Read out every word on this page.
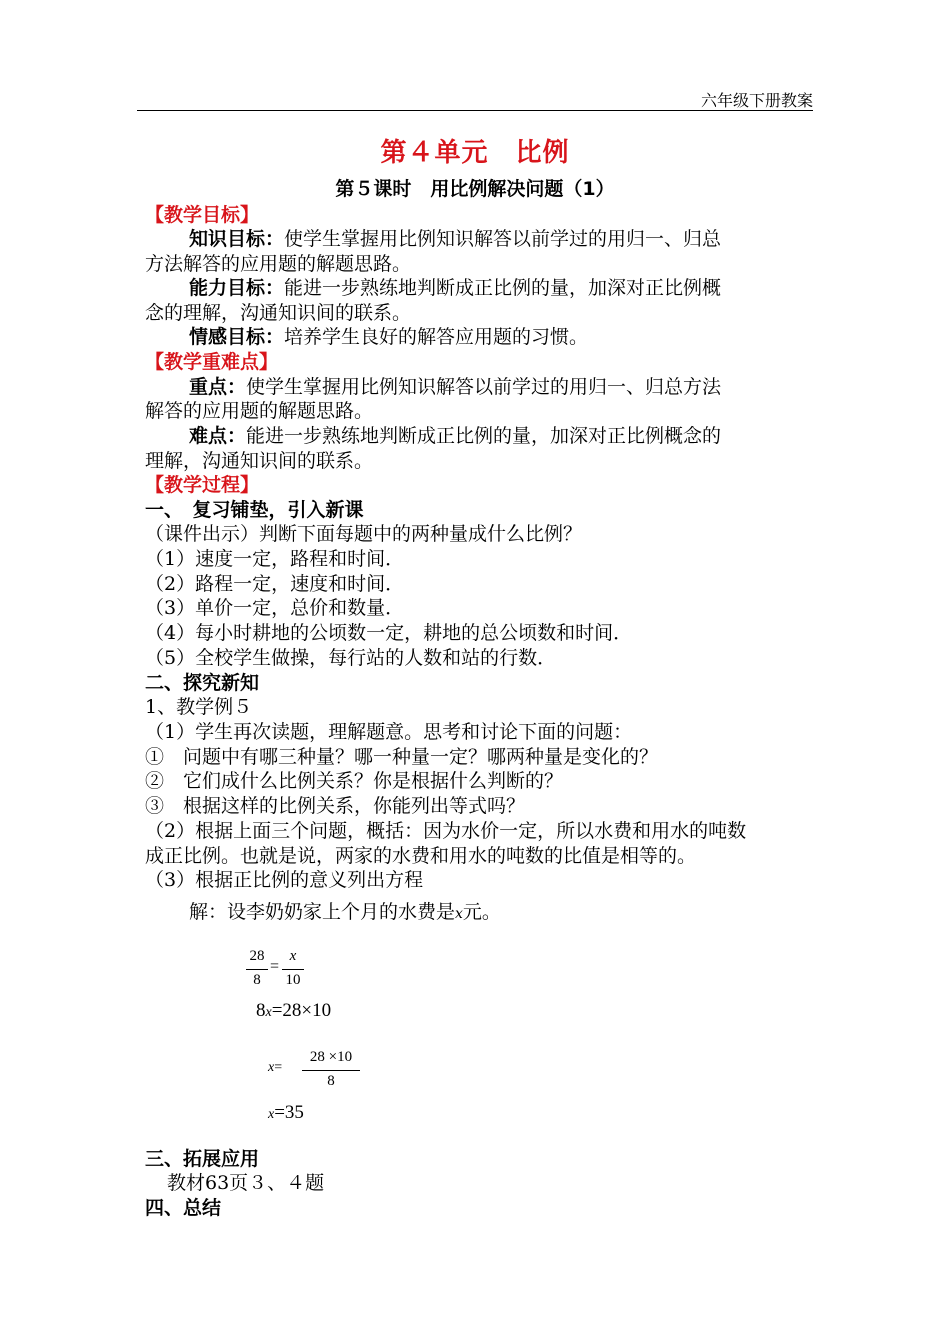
六年级下册教案
第４单元　比例
第５课时　用比例解决问题（1）
【教学目标】
知识目标：使学生掌握用比例知识解答以前学过的用归一、归总
方法解答的应用题的解题思路。
能力目标：能进一步熟练地判断成正比例的量，加深对正比例概
念的理解，沟通知识间的联系。
情感目标：培养学生良好的解答应用题的习惯。
【教学重难点】
重点：使学生掌握用比例知识解答以前学过的用归一、归总方法
解答的应用题的解题思路。
难点：能进一步熟练地判断成正比例的量，加深对正比例概念的
理解，沟通知识间的联系。
【教学过程】
一、　复习铺垫，引入新课
（课件出示）判断下面每题中的两种量成什么比例？
（1）速度一定，路程和时间．
（2）路程一定，速度和时间．
（3）单价一定，总价和数量．
（4）每小时耕地的公顷数一定，耕地的总公顷数和时间．
（5）全校学生做操，每行站的人数和站的行数．
二、探究新知
1、教学例５
（1）学生再次读题，理解题意。思考和讨论下面的问题：
①　问题中有哪三种量？哪一种量一定？哪两种量是变化的？
②　它们成什么比例关系？你是根据什么判断的？
③　根据这样的比例关系，你能列出等式吗？
（2）根据上面三个问题，概括：因为水价一定，所以水费和用水的吨数
成正比例。也就是说，两家的水费和用水的吨数的比值是相等的。
（3）根据正比例的意义列出方程
解：设李奶奶家上个月的水费是x元。
28
8
=
x
10
8x=28×10
x=
28 ×10
8
x=35
三、拓展应用
教材63页３、４题
四、总结
